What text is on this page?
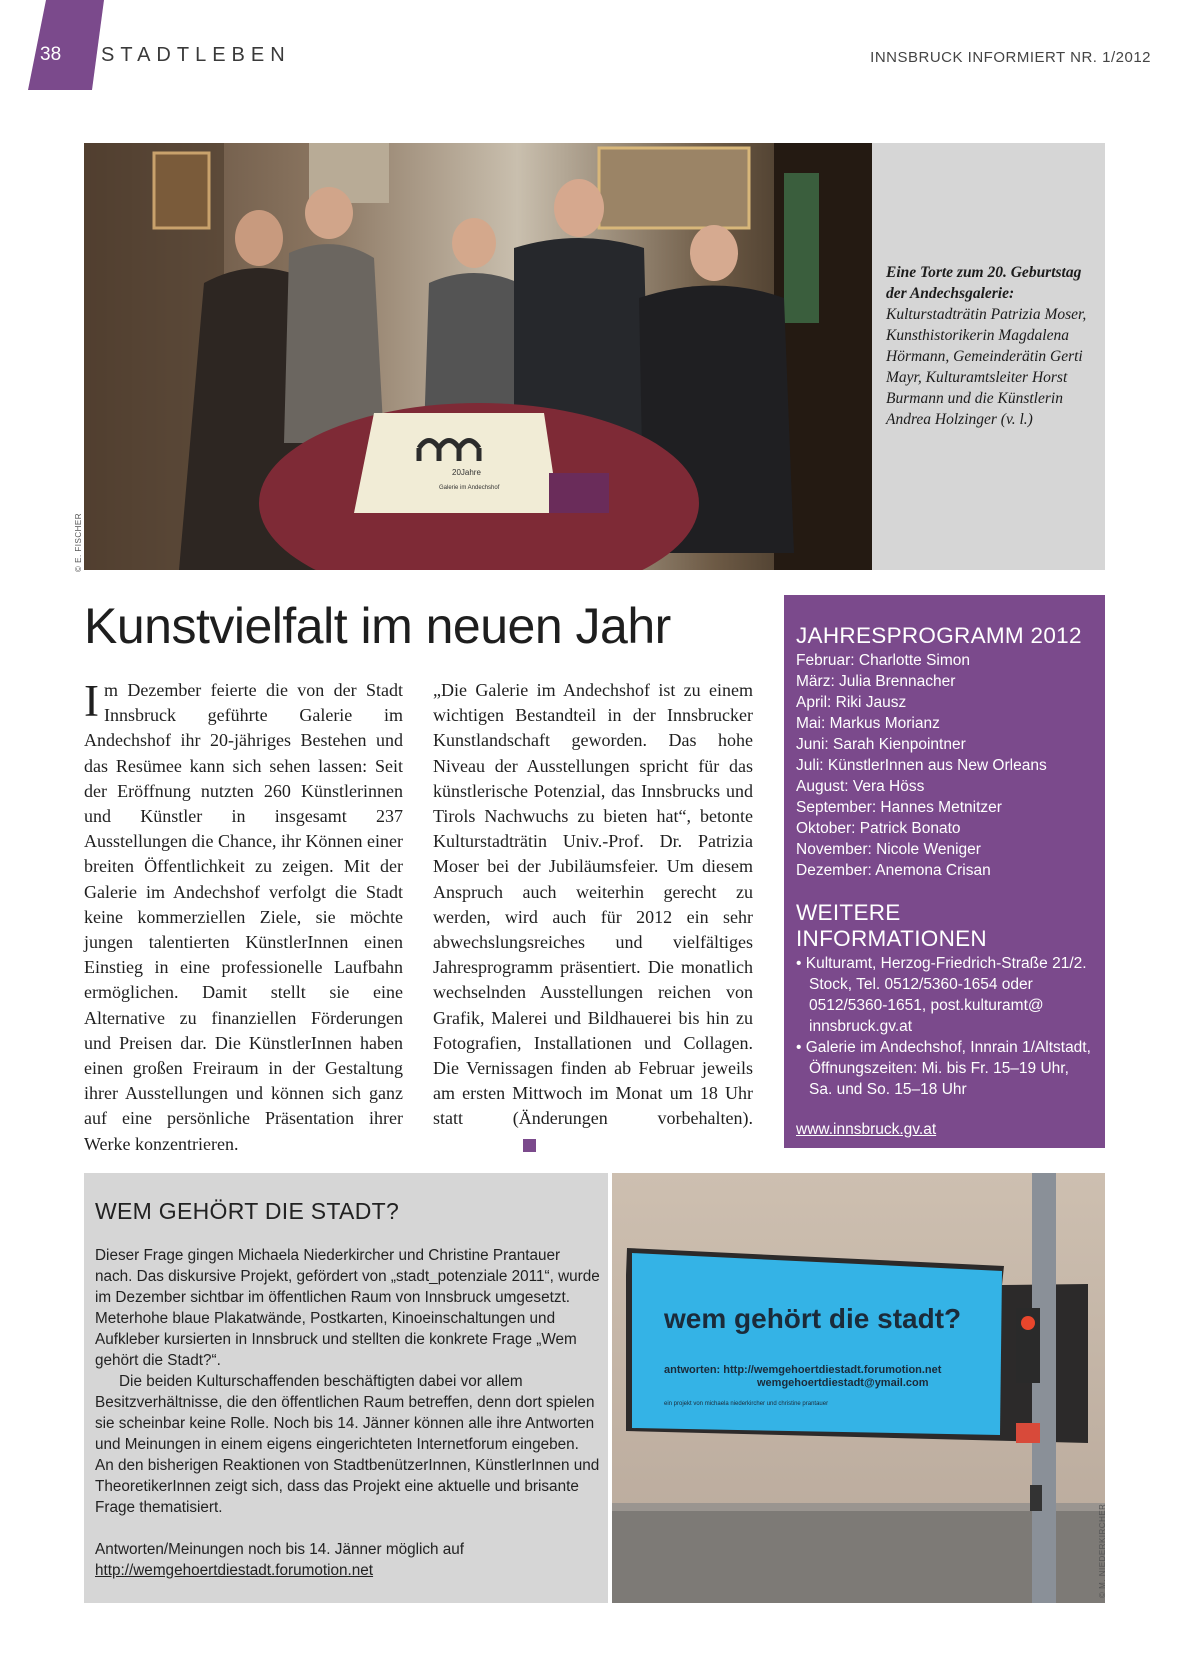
38	STADTLEBEN	INNSBRUCK INFORMIERT NR. 1/2012
20Jahre
Galerie im Andechshof
© E. FISCHER
Eine Torte zum 20. Geburtstag der Andechsgalerie: Kulturstadträtin Patrizia Moser, Kunsthistorikerin Magdalena Hörmann, Gemeinderätin Gerti Mayr, Kulturamtsleiter Horst Burmann und die Künstlerin Andrea Holzinger (v. l.)
Kunstvielfalt im neuen Jahr
Im Dezember feierte die von der Stadt Innsbruck geführte Galerie im Andechshof ihr 20-jähriges Bestehen und das Resümee kann sich sehen lassen: Seit der Eröffnung nutzten 260 Künstlerinnen und Künstler in insgesamt 237 Ausstellungen die Chance, ihr Können einer breiten Öffentlichkeit zu zeigen. Mit der Galerie im Andechshof verfolgt die Stadt keine kommerziellen Ziele, sie möchte jungen talentierten KünstlerInnen einen Einstieg in eine professionelle Laufbahn ermöglichen. Damit stellt sie eine Alternative zu finanziellen Förderungen und Preisen dar. Die KünstlerInnen haben einen großen Freiraum in der Gestaltung ihrer Ausstellungen und können sich ganz auf eine persönliche Präsentation ihrer Werke konzentrieren.
„Die Galerie im Andechshof ist zu einem wichtigen Bestandteil in der Innsbrucker Kunstlandschaft geworden. Das hohe Niveau der Ausstellungen spricht für das künstlerische Potenzial, das Innsbrucks und Tirols Nachwuchs zu bieten hat“, betonte Kulturstadträtin Univ.-Prof. Dr. Patrizia Moser bei der Jubiläumsfeier. Um diesem Anspruch auch weiterhin gerecht zu werden, wird auch für 2012 ein sehr abwechslungsreiches und vielfältiges Jahresprogramm präsentiert. Die monatlich wechselnden Ausstellungen reichen von Grafik, Malerei und Bildhauerei bis hin zu Fotografien, Installationen und Collagen. Die Vernissagen finden ab Februar jeweils am ersten Mittwoch im Monat um 18 Uhr statt (Änderungen vorbehalten).
JAHRESPROGRAMM 2012
Februar: Charlotte Simon
März: Julia Brennacher
April: Riki Jausz
Mai: Markus Morianz
Juni: Sarah Kienpointner
Juli: KünstlerInnen aus New Orleans
August: Vera Höss
September: Hannes Metnitzer
Oktober: Patrick Bonato
November: Nicole Weniger
Dezember: Anemona Crisan
WEITERE INFORMATIONEN
• Kulturamt, Herzog-Friedrich-Straße 21/2. Stock, Tel. 0512/5360-1654 oder 0512/5360-1651, post.kulturamt@ innsbruck.gv.at
• Galerie im Andechshof, Innrain 1/Altstadt, Öffnungszeiten: Mi. bis Fr. 15–19 Uhr, Sa. und So. 15–18 Uhr
www.innsbruck.gv.at
WEM GEHÖRT DIE STADT?

Dieser Frage gingen Michaela Niederkircher und Christine Prantauer nach. Das diskursive Projekt, gefördert von „stadt_potenziale 2011“, wurde im Dezember sichtbar im öffentlichen Raum von Innsbruck umgesetzt. Meterhohe blaue Plakatwände, Postkarten, Kinoeinschaltungen und Aufkleber kursierten in Innsbruck und stellten die konkrete Frage „Wem gehört die Stadt?“.

Die beiden Kulturschaffenden beschäftigten dabei vor allem Besitzverhältnisse, die den öffentlichen Raum betreffen, denn dort spielen sie scheinbar keine Rolle. Noch bis 14. Jänner können alle ihre Antworten und Meinungen in einem eigens eingerichteten Internetforum eingeben. An den bisherigen Reaktionen von StadtbenützerInnen, KünstlerInnen und TheoretikerInnen zeigt sich, dass das Projekt eine aktuelle und brisante Frage thematisiert.

Antworten/Meinungen noch bis 14. Jänner möglich auf

http://wemgehoertdiestadt.forumotion.net

wem gehört die stadt?
antworten: http://wemgehoertdiestadt.forumotion.net
wemgehoertdiestadt@ymail.com
ein projekt von michaela niederkircher und christine prantauer
© M. NIEDERKIRCHER
